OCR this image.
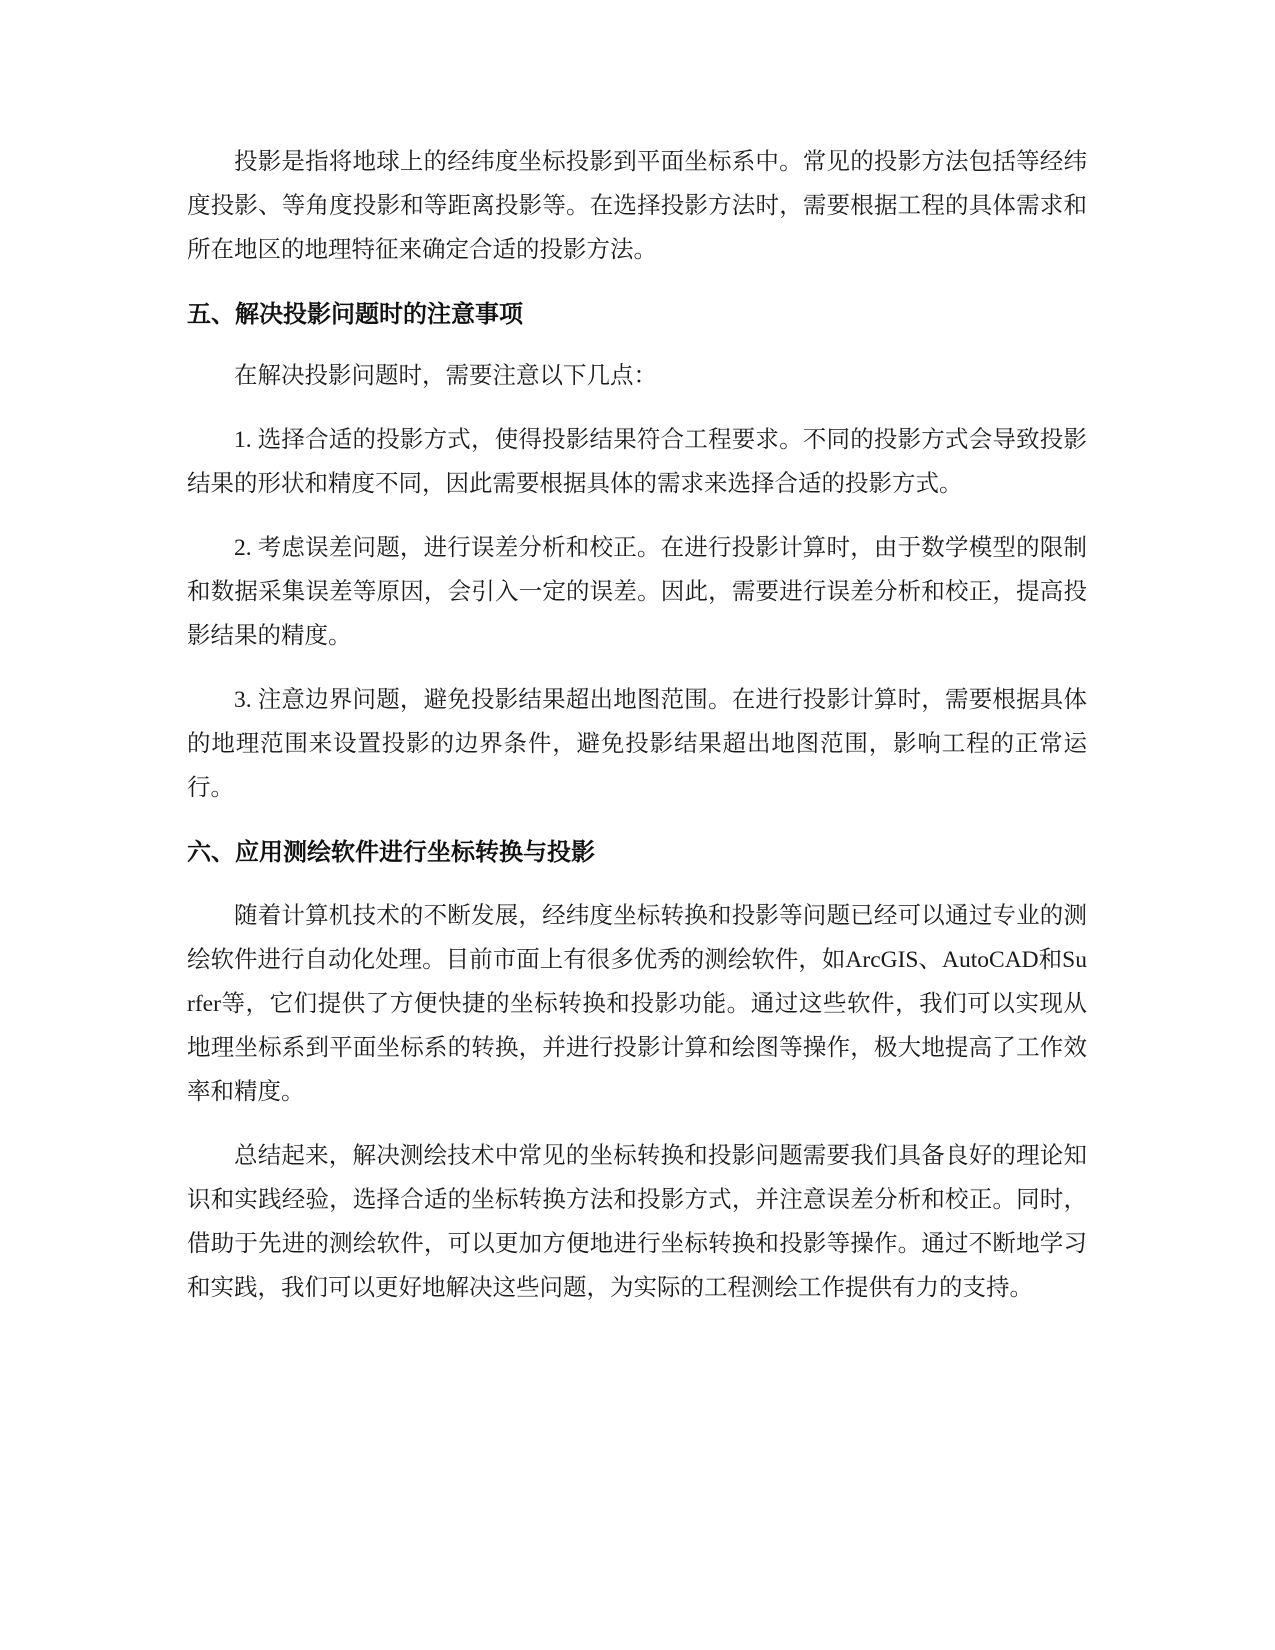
投影是指将地球上的经纬度坐标投影到平面坐标系中。常见的投影方法包括等经纬度投影、等角度投影和等距离投影等。在选择投影方法时，需要根据工程的具体需求和所在地区的地理特征来确定合适的投影方法。

五、解决投影问题时的注意事项

在解决投影问题时，需要注意以下几点：

1. 选择合适的投影方式，使得投影结果符合工程要求。不同的投影方式会导致投影结果的形状和精度不同，因此需要根据具体的需求来选择合适的投影方式。

2. 考虑误差问题，进行误差分析和校正。在进行投影计算时，由于数学模型的限制和数据采集误差等原因，会引入一定的误差。因此，需要进行误差分析和校正，提高投影结果的精度。

3. 注意边界问题，避免投影结果超出地图范围。在进行投影计算时，需要根据具体的地理范围来设置投影的边界条件，避免投影结果超出地图范围，影响工程的正常运行。

六、应用测绘软件进行坐标转换与投影

随着计算机技术的不断发展，经纬度坐标转换和投影等问题已经可以通过专业的测绘软件进行自动化处理。目前市面上有很多优秀的测绘软件，如ArcGIS、AutoCAD和Surfer等，它们提供了方便快捷的坐标转换和投影功能。通过这些软件，我们可以实现从地理坐标系到平面坐标系的转换，并进行投影计算和绘图等操作，极大地提高了工作效率和精度。

总结起来，解决测绘技术中常见的坐标转换和投影问题需要我们具备良好的理论知识和实践经验，选择合适的坐标转换方法和投影方式，并注意误差分析和校正。同时，借助于先进的测绘软件，可以更加方便地进行坐标转换和投影等操作。通过不断地学习和实践，我们可以更好地解决这些问题，为实际的工程测绘工作提供有力的支持。
